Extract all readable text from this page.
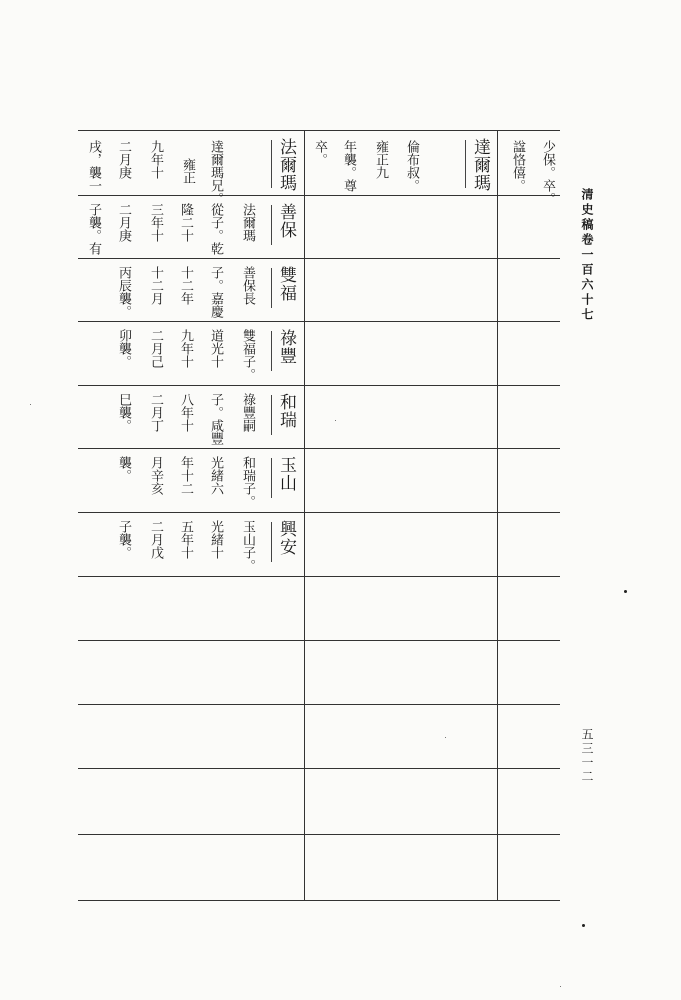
清史稿卷一百六十七
五三一二
達爾瑪
倫布叔。
雍正九
年襲。尊
卒。	少保。卒。
諡恪僖。
法爾瑪
達爾瑪兄。
雍正
九年十
二月庚
戌，襲一
善保
法爾瑪
從子。乾
隆二十
三年十
二月庚
子襲。有
雙福
善保長
子。嘉慶
十二年
十二月
丙辰襲。
祿豐
雙福子。
道光十
九年十
二月己
卯襲。
和瑞
祿豐嗣
子。咸豐
八年十
二月丁
巳襲。
玉山
和瑞子。
光緒六
年十二
月辛亥
襲。
興安
玉山子。
光緒十
五年十
二月戊
子襲。
